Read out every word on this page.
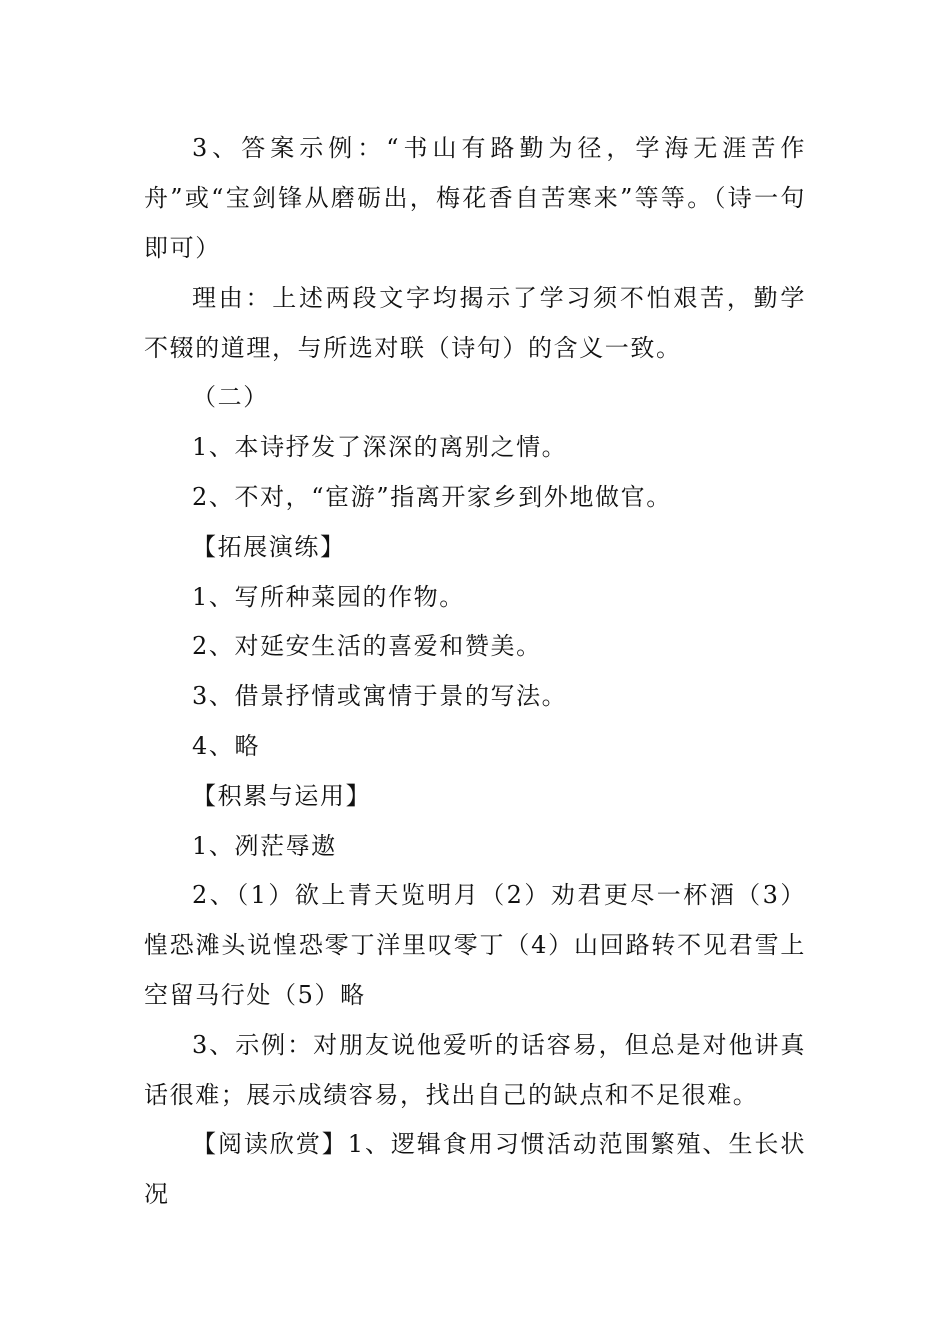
3、答案示例：“书山有路勤为径，学海无涯苦作舟”或“宝剑锋从磨砺出，梅花香自苦寒来”等等。（诗一句即可）

理由：上述两段文字均揭示了学习须不怕艰苦，勤学不辍的道理，与所选对联（诗句）的含义一致。

（二）

1、本诗抒发了深深的离别之情。

2、不对，“宦游”指离开家乡到外地做官。

【拓展演练】

1、写所种菜园的作物。

2、对延安生活的喜爱和赞美。

3、借景抒情或寓情于景的写法。

4、略

【积累与运用】

1、冽茫辱遨

2、（1）欲上青天览明月（2）劝君更尽一杯酒（3）惶恐滩头说惶恐零丁洋里叹零丁（4）山回路转不见君雪上空留马行处（5）略

3、示例：对朋友说他爱听的话容易，但总是对他讲真话很难；展示成绩容易，找出自己的缺点和不足很难。

【阅读欣赏】1、逻辑食用习惯活动范围繁殖、生长状况
